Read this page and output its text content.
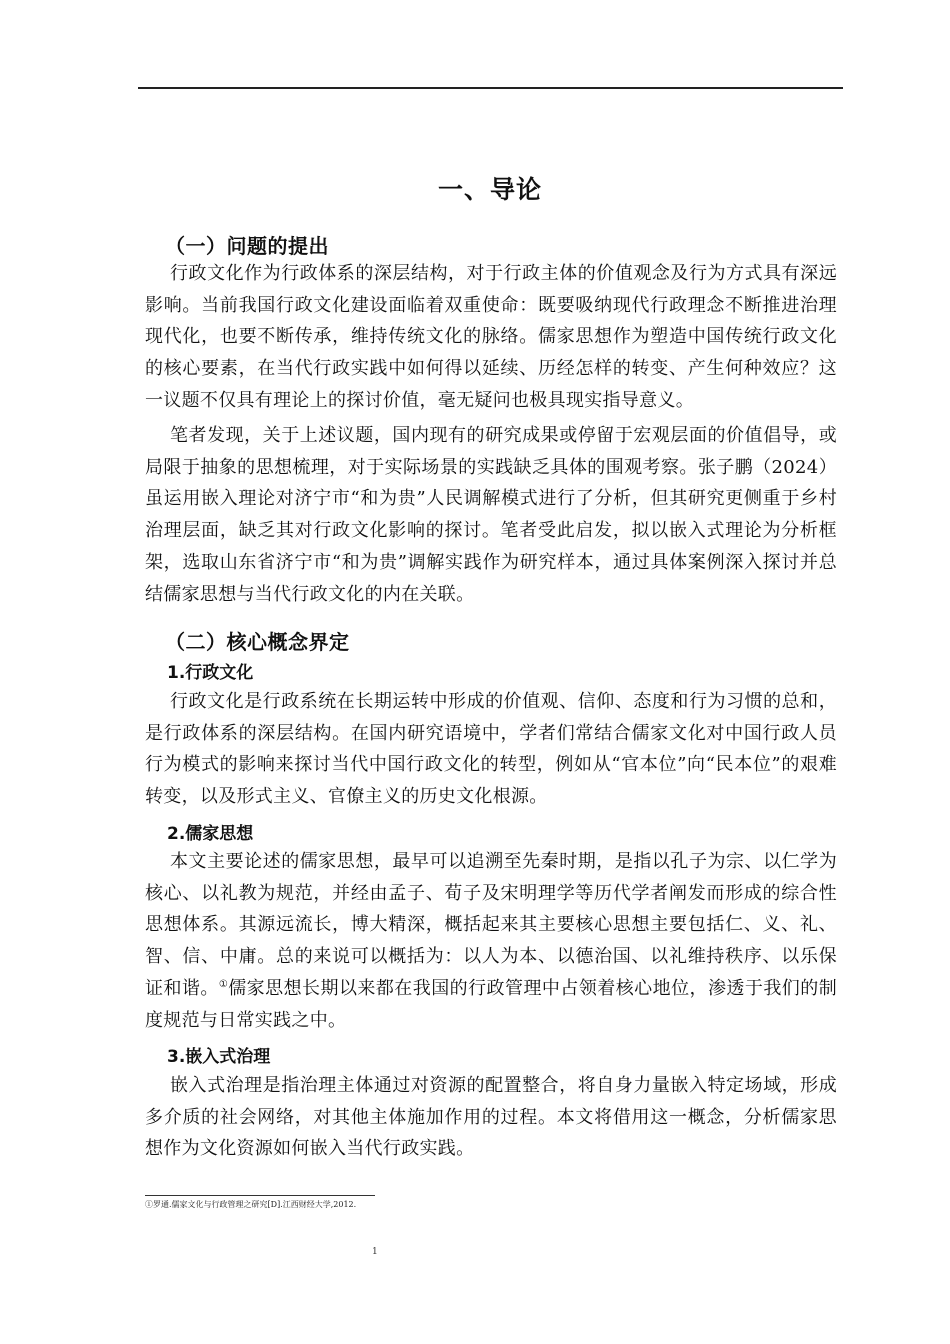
一、导论
（一）问题的提出

行政文化作为行政体系的深层结构，对于行政主体的价值观念及行为方式具有深远影响。当前我国行政文化建设面临着双重使命：既要吸纳现代行政理念不断推进治理现代化，也要不断传承，维持传统文化的脉络。儒家思想作为塑造中国传统行政文化的核心要素，在当代行政实践中如何得以延续、历经怎样的转变、产生何种效应？这一议题不仅具有理论上的探讨价值，毫无疑问也极具现实指导意义。

笔者发现，关于上述议题，国内现有的研究成果或停留于宏观层面的价值倡导，或局限于抽象的思想梳理，对于实际场景的实践缺乏具体的围观考察。张子鹏（2024）虽运用嵌入理论对济宁市“和为贵”人民调解模式进行了分析，但其研究更侧重于乡村治理层面，缺乏其对行政文化影响的探讨。笔者受此启发，拟以嵌入式理论为分析框架，选取山东省济宁市“和为贵”调解实践作为研究样本，通过具体案例深入探讨并总结儒家思想与当代行政文化的内在关联。

（二）核心概念界定
1.行政文化

行政文化是行政系统在长期运转中形成的价值观、信仰、态度和行为习惯的总和，是行政体系的深层结构。在国内研究语境中，学者们常结合儒家文化对中国行政人员行为模式的影响来探讨当代中国行政文化的转型，例如从“官本位”向“民本位”的艰难转变，以及形式主义、官僚主义的历史文化根源。

2.儒家思想

本文主要论述的儒家思想，最早可以追溯至先秦时期，是指以孔子为宗、以仁学为核心、以礼教为规范，并经由孟子、荀子及宋明理学等历代学者阐发而形成的综合性思想体系。其源远流长，博大精深，概括起来其主要核心思想主要包括仁、义、礼、智、信、中庸。总的来说可以概括为：以人为本、以德治国、以礼维持秩序、以乐保证和谐。①儒家思想长期以来都在我国的行政管理中占领着核心地位，渗透于我们的制度规范与日常实践之中。

3.嵌入式治理

嵌入式治理是指治理主体通过对资源的配置整合，将自身力量嵌入特定场域，形成多介质的社会网络，对其他主体施加作用的过程。本文将借用这一概念，分析儒家思想作为文化资源如何嵌入当代行政实践。

①罗通.儒家文化与行政管理之研究[D].江西财经大学,2012.
1
